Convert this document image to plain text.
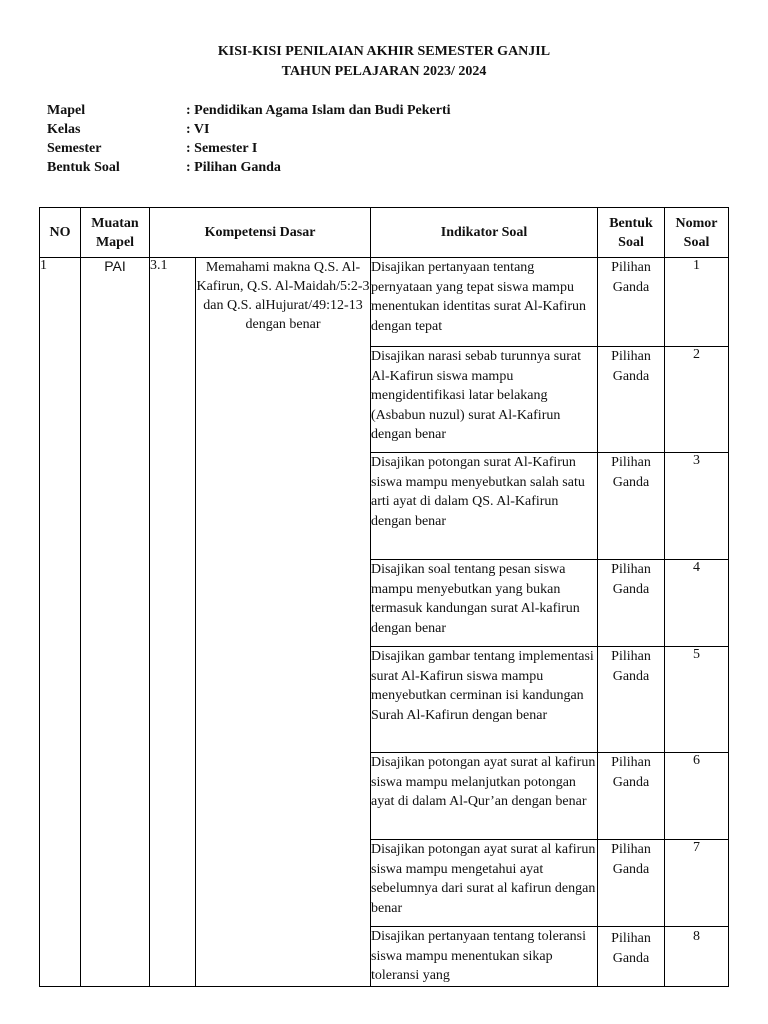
KISI-KISI PENILAIAN AKHIR SEMESTER GANJIL
TAHUN PELAJARAN 2023/ 2024
Mapel	: Pendidikan Agama Islam dan Budi Pekerti
Kelas	: VI
Semester	: Semester I
Bentuk Soal	: Pilihan Ganda
NO	Muatan Mapel	Kompetensi Dasar		Indikator Soal	Bentuk Soal	Nomor Soal
1	PAI	3.1	Memahami makna Q.S. Al-Kafirun, Q.S. Al-Maidah/5:2-3 dan Q.S. alHujurat/49:12-13 dengan benar	Disajikan pertanyaan tentang pernyataan yang tepat siswa mampu menentukan identitas surat Al-Kafirun dengan tepat	Pilihan Ganda	1
				Disajikan narasi sebab turunnya surat Al-Kafirun siswa mampu mengidentifikasi latar belakang (Asbabun nuzul) surat Al-Kafirun dengan benar	Pilihan Ganda	2
				Disajikan potongan surat Al-Kafirun siswa mampu menyebutkan salah satu arti ayat di dalam QS. Al-Kafirun dengan benar	Pilihan Ganda	3
				Disajikan soal tentang pesan siswa mampu menyebutkan yang bukan termasuk kandungan surat Al-kafirun dengan benar	Pilihan Ganda	4
				Disajikan gambar tentang implementasi surat Al-Kafirun siswa mampu menyebutkan cerminan isi kandungan Surah Al-Kafirun dengan benar	Pilihan Ganda	5
				Disajikan potongan ayat surat al kafirun siswa mampu melanjutkan potongan ayat di dalam Al-Qur’an dengan benar	Pilihan Ganda	6
				Disajikan potongan ayat surat al kafirun siswa mampu mengetahui ayat sebelumnya dari surat al kafirun dengan benar	Pilihan Ganda	7
				Disajikan pertanyaan tentang toleransi siswa mampu menentukan sikap toleransi yang	Pilihan Ganda	8
